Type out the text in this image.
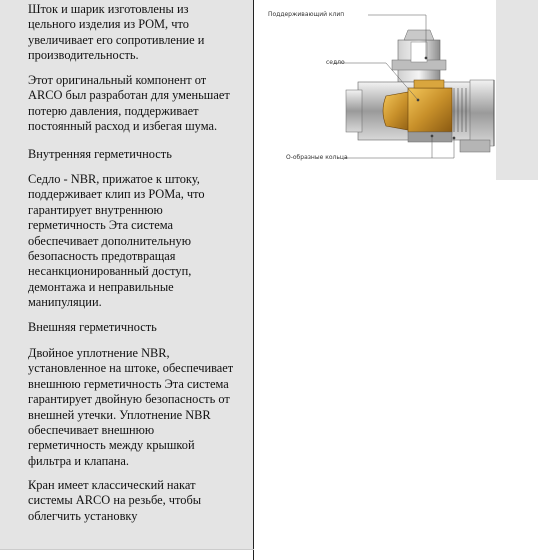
Шток и шарик изготовлены из
цельного изделия из POM, что
увеличивает его сопротивление и
производительность.
Этот оригинальный компонент от
ARCO был разработан для уменьшает
потерю давления, поддерживает
постоянный расход и избегая шума.
Внутренняя герметичность
Седло - NBR, прижатое к штоку,
поддерживает клип из POMа, что
гарантирует внутреннюю
герметичность Эта система
обеспечивает дополнительную
безопасность предотвращая
несанкционированный доступ,
демонтажа и неправильные
манипуляции.
Внешняя герметичность
Двойное уплотнение NBR,
установленное на штоке, обеспечивает
внешнюю герметичность Эта система
гарантирует двойную безопасность от
внешней утечки. Уплотнение NBR
обеспечивает внешнюю
герметичность между крышкой
фильтра и клапана.
Кран имеет классический накат
системы ARCO на резьбе, чтобы
облегчить установку
Поддерживающий клип
седло
О-образные кольца
